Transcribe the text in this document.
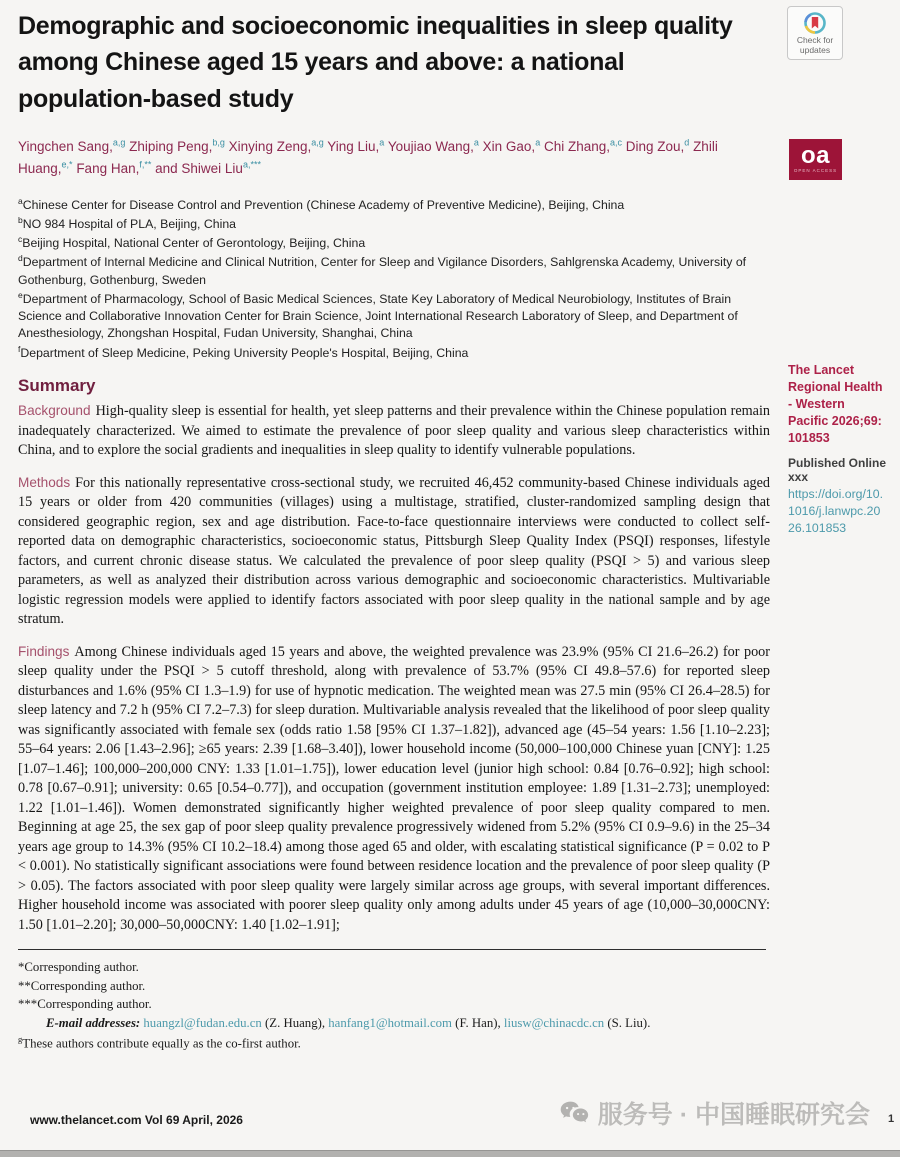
Check for updates
oa
OPEN ACCESS
Demographic and socioeconomic inequalities in sleep quality among Chinese aged 15 years and above: a national population-based study
Yingchen Sang,$^{a,g}$ Zhiping Peng,$^{b,g}$ Xinying Zeng,$^{a,g}$ Ying Liu,$^a$ Youjiao Wang,$^a$ Xin Gao,$^a$ Chi Zhang,$^{a,c}$ Ding Zou,$^d$ Zhili Huang,$^{e,*}$ Fang Han,$^{f,**}$ and Shiwei Liu$^{a,***}$
$^a$Chinese Center for Disease Control and Prevention (Chinese Academy of Preventive Medicine), Beijing, China
$^b$NO 984 Hospital of PLA, Beijing, China
$^c$Beijing Hospital, National Center of Gerontology, Beijing, China
$^d$Department of Internal Medicine and Clinical Nutrition, Center for Sleep and Vigilance Disorders, Sahlgrenska Academy, University of Gothenburg, Gothenburg, Sweden
$^e$Department of Pharmacology, School of Basic Medical Sciences, State Key Laboratory of Medical Neurobiology, Institutes of Brain Science and Collaborative Innovation Center for Brain Science, Joint International Research Laboratory of Sleep, and Department of Anesthesiology, Zhongshan Hospital, Fudan University, Shanghai, China
$^f$Department of Sleep Medicine, Peking University People's Hospital, Beijing, China
Summary

Background High-quality sleep is essential for health, yet sleep patterns and their prevalence within the Chinese population remain inadequately characterized. We aimed to estimate the prevalence of poor sleep quality and various sleep characteristics within China, and to explore the social gradients and inequalities in sleep quality to identify vulnerable populations.

Methods For this nationally representative cross-sectional study, we recruited 46,452 community-based Chinese individuals aged 15 years or older from 420 communities (villages) using a multistage, stratified, cluster-randomized sampling design that considered geographic region, sex and age distribution. Face-to-face questionnaire interviews were conducted to collect self-reported data on demographic characteristics, socioeconomic status, Pittsburgh Sleep Quality Index (PSQI) responses, lifestyle factors, and current chronic disease status. We calculated the prevalence of poor sleep quality (PSQI > 5) and various sleep parameters, as well as analyzed their distribution across various demographic and socioeconomic characteristics. Multivariable logistic regression models were applied to identify factors associated with poor sleep quality in the national sample and by age stratum.

Findings Among Chinese individuals aged 15 years and above, the weighted prevalence was 23.9% (95% CI 21.6–26.2) for poor sleep quality under the PSQI > 5 cutoff threshold, along with prevalence of 53.7% (95% CI 49.8–57.6) for reported sleep disturbances and 1.6% (95% CI 1.3–1.9) for use of hypnotic medication. The weighted mean was 27.5 min (95% CI 26.4–28.5) for sleep latency and 7.2 h (95% CI 7.2–7.3) for sleep duration. Multivariable analysis revealed that the likelihood of poor sleep quality was significantly associated with female sex (odds ratio 1.58 [95% CI 1.37–1.82]), advanced age (45–54 years: 1.56 [1.10–2.23]; 55–64 years: 2.06 [1.43–2.96]; ≥65 years: 2.39 [1.68–3.40]), lower household income (50,000–100,000 Chinese yuan [CNY]: 1.25 [1.07–1.46]; 100,000–200,000 CNY: 1.33 [1.01–1.75]), lower education level (junior high school: 0.84 [0.76–0.92]; high school: 0.78 [0.67–0.91]; university: 0.65 [0.54–0.77]), and occupation (government institution employee: 1.89 [1.31–2.73]; unemployed: 1.22 [1.01–1.46]). Women demonstrated significantly higher weighted prevalence of poor sleep quality compared to men. Beginning at age 25, the sex gap of poor sleep quality prevalence progressively widened from 5.2% (95% CI 0.9–9.6) in the 25–34 years age group to 14.3% (95% CI 10.2–18.4) among those aged 65 and older, with escalating statistical significance (P = 0.02 to P < 0.001). No statistically significant associations were found between residence location and the prevalence of poor sleep quality (P > 0.05). The factors associated with poor sleep quality were largely similar across age groups, with several important differences. Higher household income was associated with poorer sleep quality only among adults under 45 years of age (10,000–30,000CNY: 1.50 [1.01–2.20]; 30,000–50,000CNY: 1.40 [1.02–1.91];

*Corresponding author.
**Corresponding author.
***Corresponding author.
E-mail addresses: huangzl@fudan.edu.cn (Z. Huang), hanfang1@hotmail.com (F. Han), liusw@chinacdc.cn (S. Liu).
$^g$These authors contribute equally as the co-first author.
The Lancet Regional Health - Western Pacific 2026;69: 101853
Published Online xxx
https://doi.org/10.1016/j.lanwpc.2026.101853
www.thelancet.com Vol 69 April, 2026	服务号 · 中国睡眠研究会 1
